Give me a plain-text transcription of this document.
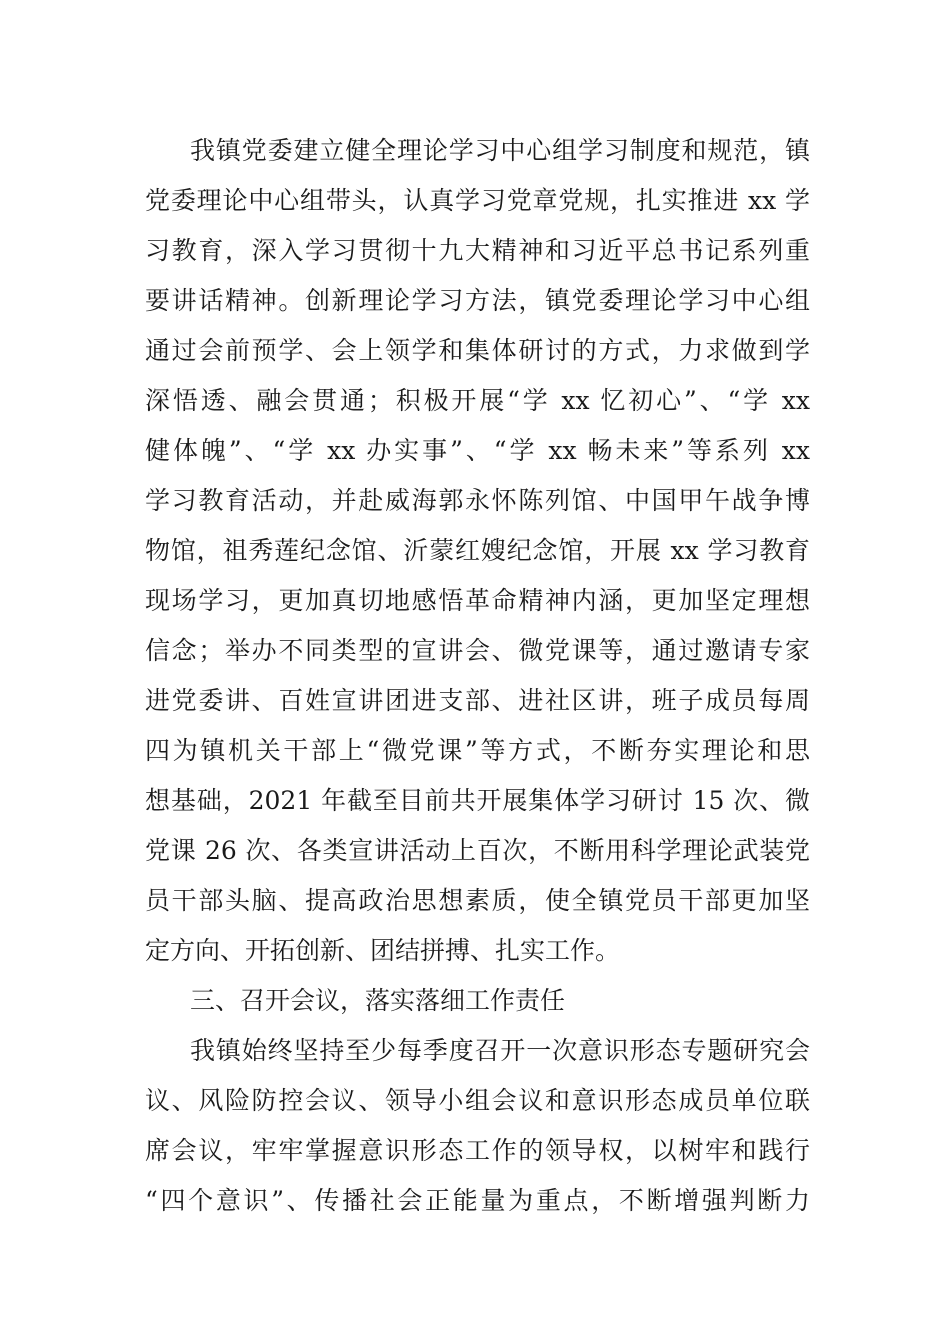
我镇党委建立健全理论学习中心组学习制度和规范，镇

党委理论中心组带头，认真学习党章党规，扎实推进 xx 学

习教育，深入学习贯彻十九大精神和习近平总书记系列重

要讲话精神。创新理论学习方法，镇党委理论学习中心组

通过会前预学、会上领学和集体研讨的方式，力求做到学

深悟透、融会贯通；积极开展“学 xx 忆初心”、“学 xx

健体魄”、“学 xx 办实事”、“学 xx 畅未来”等系列 xx

学习教育活动，并赴威海郭永怀陈列馆、中国甲午战争博

物馆，祖秀莲纪念馆、沂蒙红嫂纪念馆，开展 xx 学习教育

现场学习，更加真切地感悟革命精神内涵，更加坚定理想

信念；举办不同类型的宣讲会、微党课等，通过邀请专家

进党委讲、百姓宣讲团进支部、进社区讲，班子成员每周

四为镇机关干部上“微党课”等方式，不断夯实理论和思

想基础，2021 年截至目前共开展集体学习研讨 15 次、微

党课 26 次、各类宣讲活动上百次，不断用科学理论武装党

员干部头脑、提高政治思想素质，使全镇党员干部更加坚

定方向、开拓创新、团结拼搏、扎实工作。

三、召开会议，落实落细工作责任

我镇始终坚持至少每季度召开一次意识形态专题研究会

议、风险防控会议、领导小组会议和意识形态成员单位联

席会议，牢牢掌握意识形态工作的领导权，以树牢和践行

“四个意识”、传播社会正能量为重点，不断增强判断力
